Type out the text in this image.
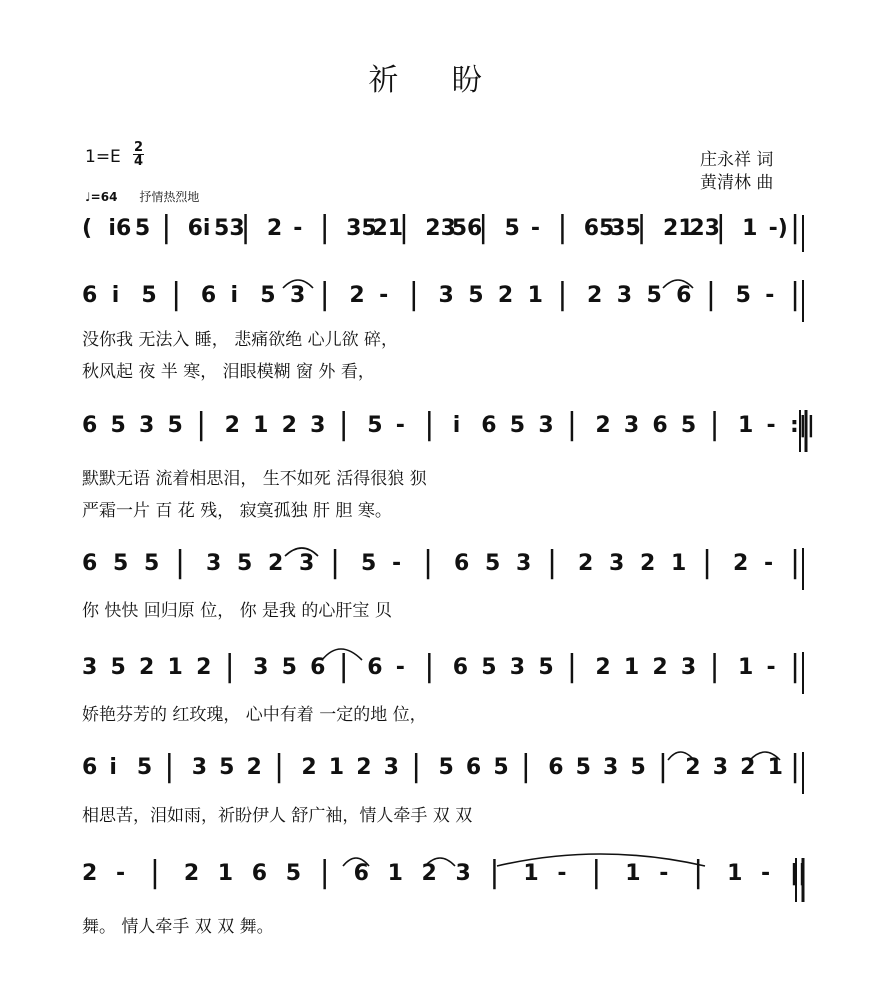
祈 盼
$1=E \frac{2}{4}$
♩=64 抒情热烈地
庄永祥 词
黄清林 曲
( i6 5 | 6i 53
| 2 - | 35
21
| 23
56
| 5 - | 65
35
| 21
23
| 1 -) |
6 i 5 | 6 i 5 3 | 2 - | 3 5 2 1 | 2 3 5 6 | 5 - |
6 5 3 5 | 2 1 2 3 | 5 - | i 6 5 3 | 2 3 6 5 | 1 - :||
6 5 5 | 3 5 2 3 | 5 - | 6 5 3 | 2 3 2 1 | 2 - |
3 5 2 1 2 | 3 5 6 | 6 - | 6 5 3 5 | 2 1 2 3 | 1 - |
6 i 5 | 3 5 2 | 2 1 2 3 | 5 6 5 | 6 5 3 5 | 2 3 2 1 |
2 - | 2 1 6 5 | 6 1 2 3 | 1 - | 1 - | 1 - ||
没你我 无法入 睡， 悲痛欲绝 心儿欲 碎，
秋风起 夜 半 寒， 泪眼模糊 窗 外 看，
默默无语 流着相思泪， 生不如死 活得很狼 狈
严霜一片 百 花 残， 寂寞孤独 肝 胆 寒。
你 快快 回归原 位， 你 是我 的心肝宝 贝
娇艳芬芳的 红玫瑰， 心中有着 一定的地 位，
相思苦，泪如雨，祈盼伊人 舒广袖，情人牵手 双 双
舞。 情人牵手 双 双 舞。
